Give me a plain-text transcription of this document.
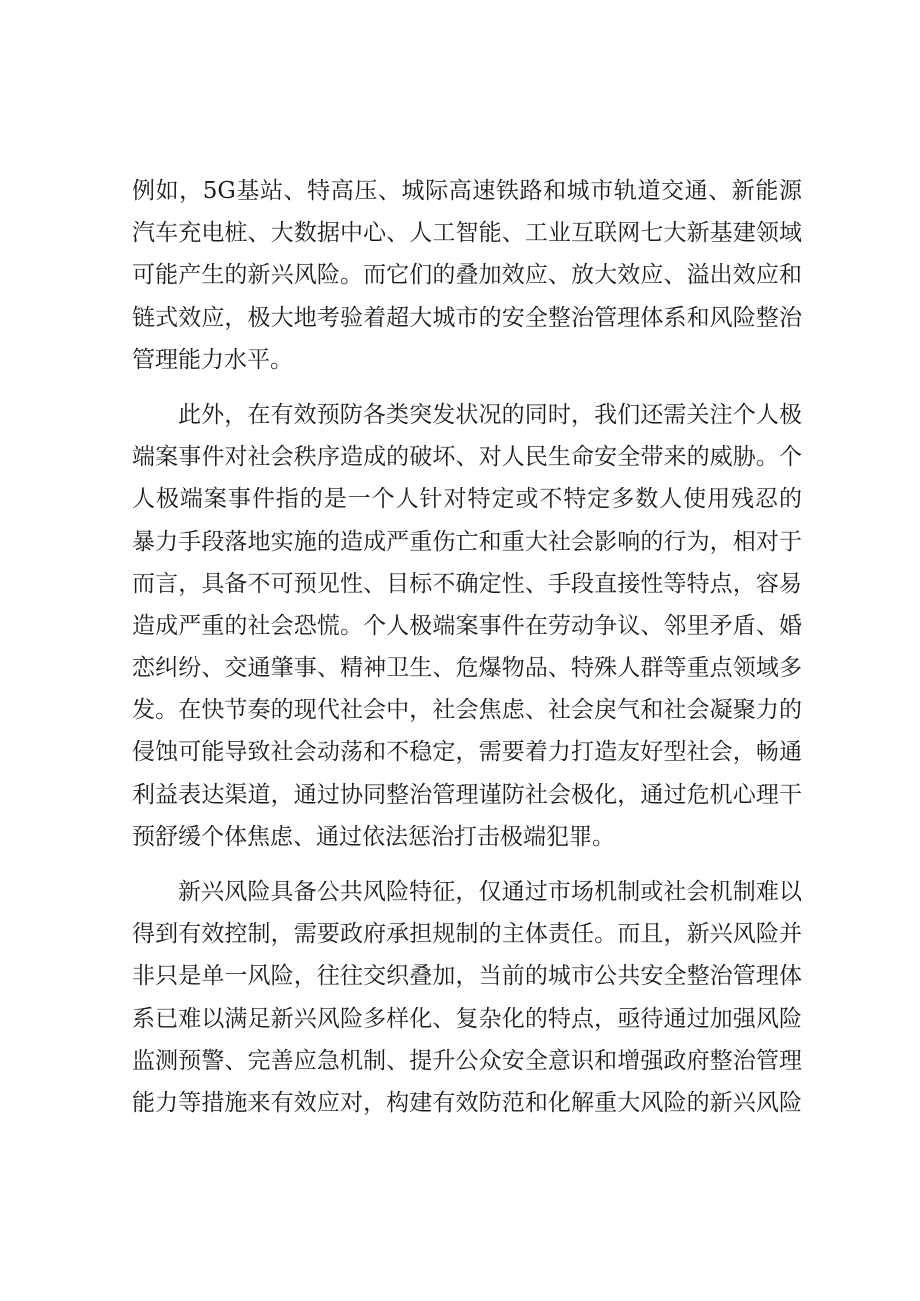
例如，5G基站、特高压、城际高速铁路和城市轨道交通、新能源
汽车充电桩、大数据中心、人工智能、工业互联网七大新基建领域
可能产生的新兴风险。而它们的叠加效应、放大效应、溢出效应和
链式效应，极大地考验着超大城市的安全整治管理体系和风险整治
管理能力水平。

此外，在有效预防各类突发状况的同时，我们还需关注个人极
端案事件对社会秩序造成的破坏、对人民生命安全带来的威胁。个
人极端案事件指的是一个人针对特定或不特定多数人使用残忍的
暴力手段落地实施的造成严重伤亡和重大社会影响的行为，相对于
而言，具备不可预见性、目标不确定性、手段直接性等特点，容易
造成严重的社会恐慌。个人极端案事件在劳动争议、邻里矛盾、婚
恋纠纷、交通肇事、精神卫生、危爆物品、特殊人群等重点领域多
发。在快节奏的现代社会中，社会焦虑、社会戾气和社会凝聚力的
侵蚀可能导致社会动荡和不稳定，需要着力打造友好型社会，畅通
利益表达渠道，通过协同整治管理谨防社会极化，通过危机心理干
预舒缓个体焦虑、通过依法惩治打击极端犯罪。

新兴风险具备公共风险特征，仅通过市场机制或社会机制难以
得到有效控制，需要政府承担规制的主体责任。而且，新兴风险并
非只是单一风险，往往交织叠加，当前的城市公共安全整治管理体
系已难以满足新兴风险多样化、复杂化的特点，亟待通过加强风险
监测预警、完善应急机制、提升公众安全意识和增强政府整治管理
能力等措施来有效应对，构建有效防范和化解重大风险的新兴风险
